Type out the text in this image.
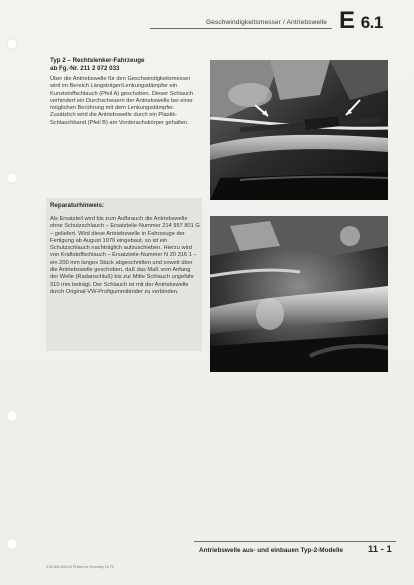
Geschwindigkeitsmesser / Antriebswelle E 6.1
Typ 2 – Rechtslenker-Fahrzeuge
ab Fg.-Nr. 211 2 072 033
Über die Antriebswelle für den Geschwindigkeitsmesser wird im Bereich Längsträger/Lenkungsdämpfer ein Kunststoffschlauch (Pfeil A) geschoben. Dieser Schlauch verhindert ein Durchscheuern der Antriebswelle bei einer möglichen Berührung mit dem Lenkungsdämpfer. Zusätzlich wird die Antriebswelle durch ein Plastik-Schlauchband (Pfeil B) am Vorderachskörper gehalten.
Reparaturhinweis:
Als Ersatzteil wird bis zum Aufbrauch die Antriebswelle ohne Schutzschlauch – Ersatzteile-Nummer 214 957 801 G – geliefert. Wird diese Antriebswelle in Fahrzeuge der Fertigung ab August 1970 eingebaut, so ist ein Schutzschlauch nachträglich aufzuschieben. Hierzu wird von Kraftstoffschlauch – Ersatzteile-Nummer N 20 316 1 – ein 200 mm langes Stück abgeschnitten und soweit über die Antriebswelle geschoben, daß das Maß vom Anfang der Welle (Radanschluß) bis zur Mitte Schlauch ungefähr 310 mm beträgt. Der Schlauch ist mit der Antriebswelle durch Original-VW-Profigummibinder zu verbinden.
Antriebswelle aus- und einbauen Typ-2-Modelle	11 - 1
2.00.800.610.00 Printed in Germany 10.70
